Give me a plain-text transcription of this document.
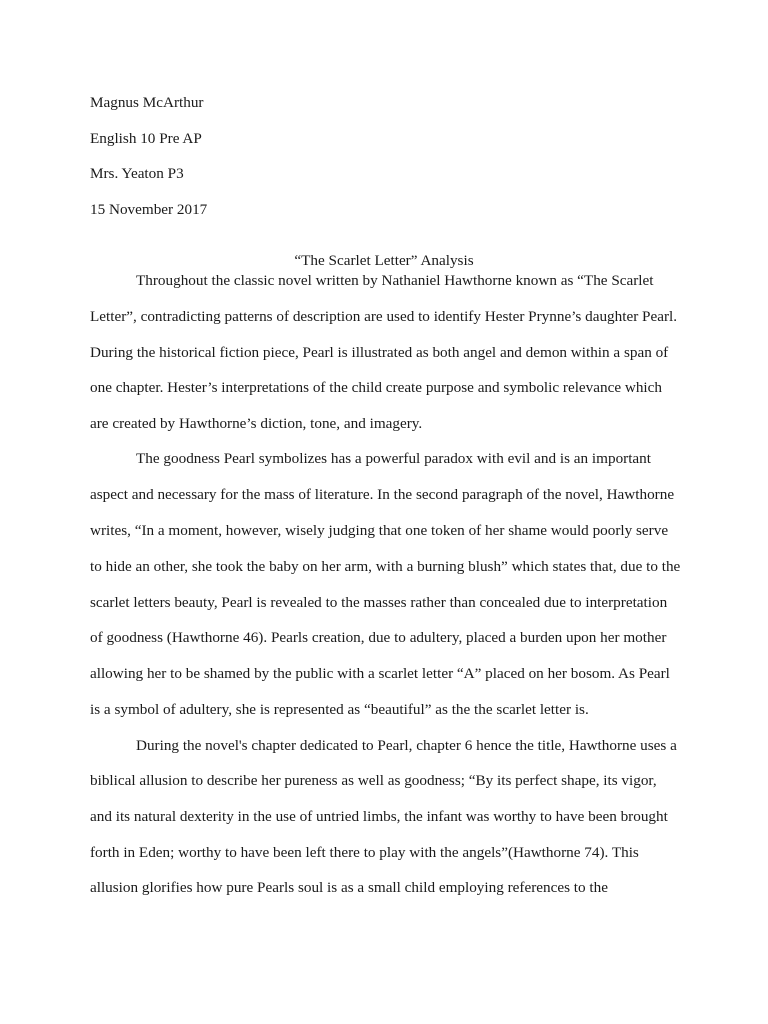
Magnus McArthur

English 10 Pre AP

Mrs. Yeaton P3

15 November 2017

“The Scarlet Letter” Analysis

Throughout the classic novel written by Nathaniel Hawthorne known as “The Scarlet

Letter”, contradicting patterns of description are used to identify Hester Prynne’s daughter Pearl.

During the historical fiction piece, Pearl is illustrated as both angel and demon within a span of

one chapter. Hester’s interpretations of the child create purpose and symbolic relevance which

are created by Hawthorne’s diction, tone, and imagery.

The goodness Pearl symbolizes has a powerful paradox with evil and is an important

aspect and necessary for the mass of literature. In the second paragraph of the novel, Hawthorne

writes, “In a moment, however, wisely judging that one token of her shame would poorly serve

to hide an other, she took the baby on her arm, with a burning blush” which states that, due to the

scarlet letters beauty, Pearl is revealed to the masses rather than concealed due to interpretation

of goodness (Hawthorne 46). Pearls creation, due to adultery, placed a burden upon her mother

allowing her to be shamed by the public with a scarlet letter “A” placed on her bosom. As Pearl

is a symbol of adultery, she is represented as “beautiful” as the the scarlet letter is.

During the novel's chapter dedicated to Pearl, chapter 6 hence the title, Hawthorne uses a

biblical allusion to describe her pureness as well as goodness; “By its perfect shape, its vigor,

and its natural dexterity in the use of untried limbs, the infant was worthy to have been brought

forth in Eden; worthy to have been left there to play with the angels”(Hawthorne 74). This

allusion glorifies how pure Pearls soul is as a small child employing references to the
